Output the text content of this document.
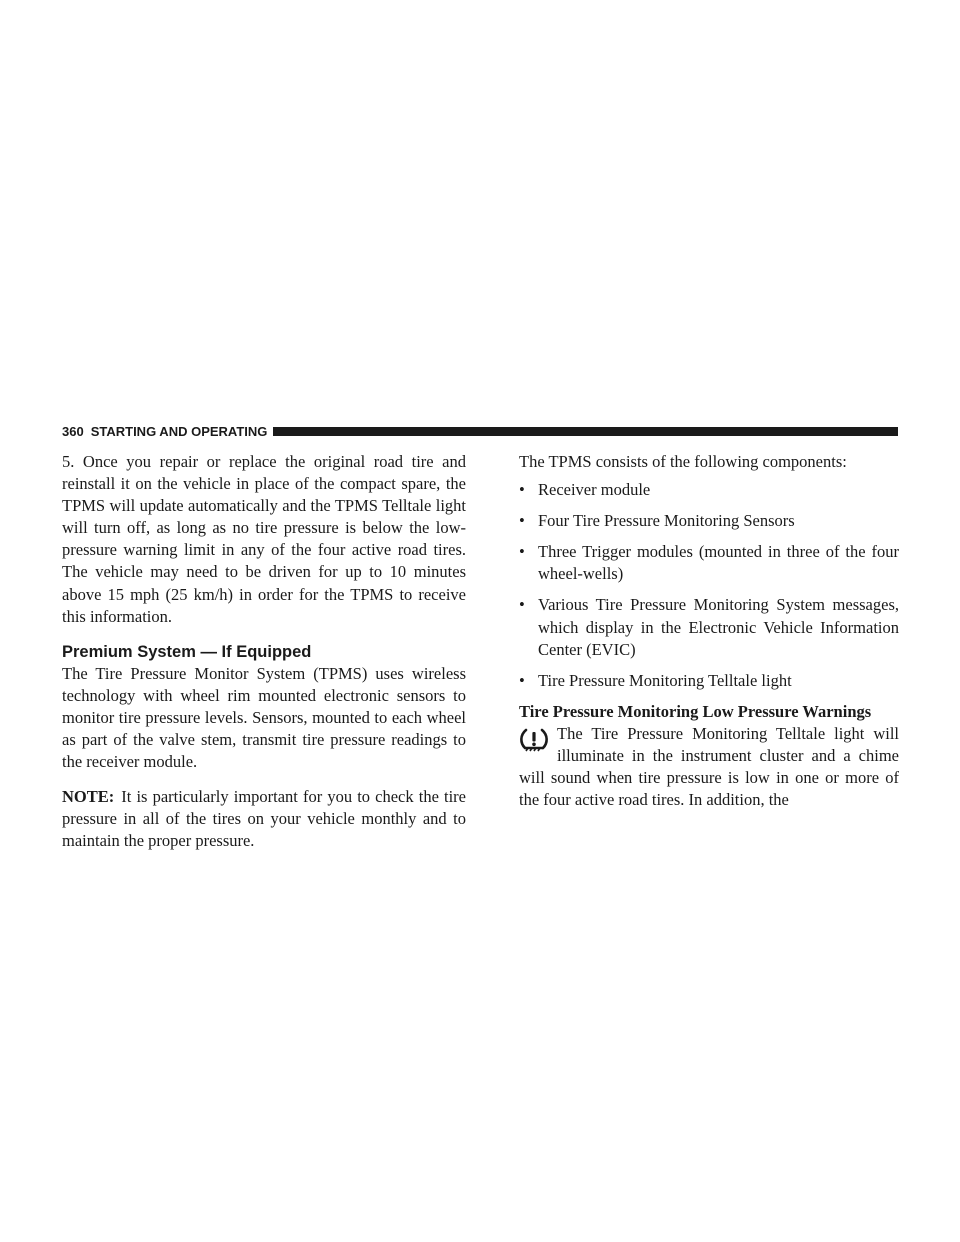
360 STARTING AND OPERATING

5. Once you repair or replace the original road tire and reinstall it on the vehicle in place of the compact spare, the TPMS will update automatically and the TPMS Telltale light will turn off, as long as no tire pressure is below the low-pressure warning limit in any of the four active road tires. The vehicle may need to be driven for up to 10 minutes above 15 mph (25 km/h) in order for the TPMS to receive this information.

Premium System — If Equipped

The Tire Pressure Monitor System (TPMS) uses wireless technology with wheel rim mounted electronic sensors to monitor tire pressure levels. Sensors, mounted to each wheel as part of the valve stem, transmit tire pressure readings to the receiver module.

NOTE: It is particularly important for you to check the tire pressure in all of the tires on your vehicle monthly and to maintain the proper pressure.

The TPMS consists of the following components:

• Receiver module
• Four Tire Pressure Monitoring Sensors
• Three Trigger modules (mounted in three of the four wheel-wells)
• Various Tire Pressure Monitoring System messages, which display in the Electronic Vehicle Information Center (EVIC)
• Tire Pressure Monitoring Telltale light

Tire Pressure Monitoring Low Pressure Warnings

The Tire Pressure Monitoring Telltale light will illuminate in the instrument cluster and a chime will sound when tire pressure is low in one or more of the four active road tires. In addition, the
